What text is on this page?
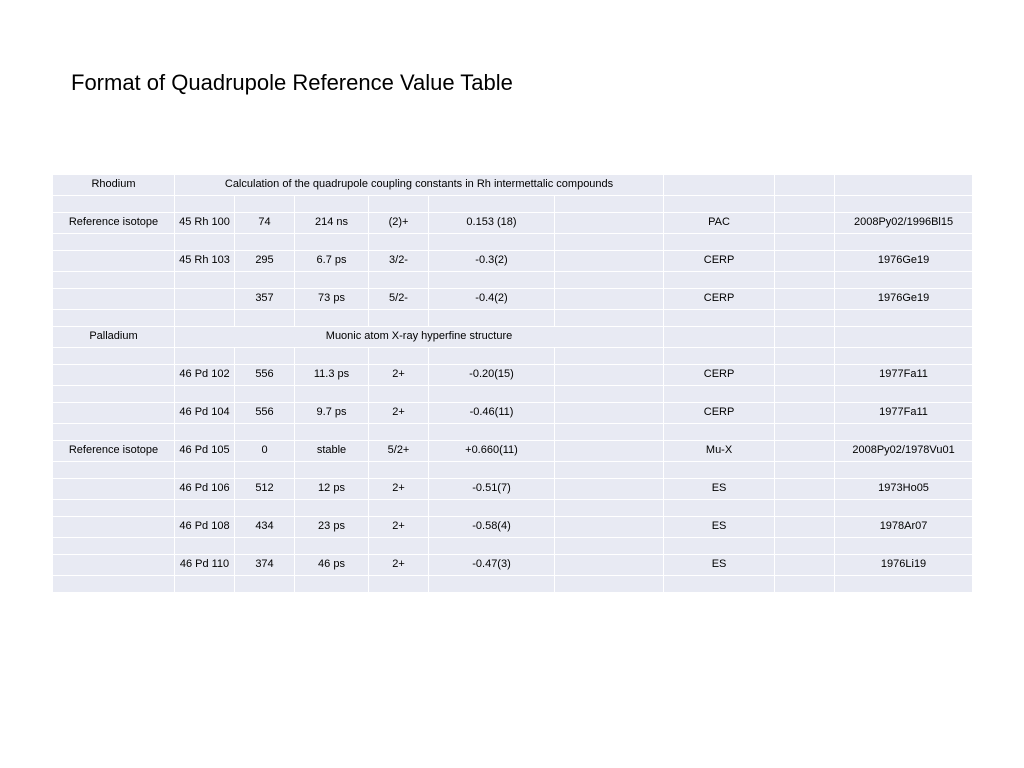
Format of Quadrupole Reference Value Table
Rhodium	Calculation of the quadrupole coupling constants in Rh intermettalic compounds								

Reference isotope	45 Rh 100	74	214 ns	(2)+	0.153 (18)		PAC		2008Py02/1996Bl15

	45 Rh 103	295	6.7 ps	3/2-	-0.3(2)		CERP		1976Ge19

		357	73 ps	5/2-	-0.4(2)		CERP		1976Ge19

Palladium	Muonic atom X-ray hyperfine structure								

	46 Pd 102	556	11.3 ps	2+	-0.20(15)		CERP		1977Fa11

	46 Pd 104	556	9.7 ps	2+	-0.46(11)		CERP		1977Fa11

Reference isotope	46 Pd 105	0	stable	5/2+	+0.660(11)		Mu-X		2008Py02/1978Vu01

	46 Pd 106	512	12 ps	2+	-0.51(7)		ES		1973Ho05

	46 Pd 108	434	23 ps	2+	-0.58(4)		ES		1978Ar07

	46 Pd 110	374	46 ps	2+	-0.47(3)		ES		1976Li19
